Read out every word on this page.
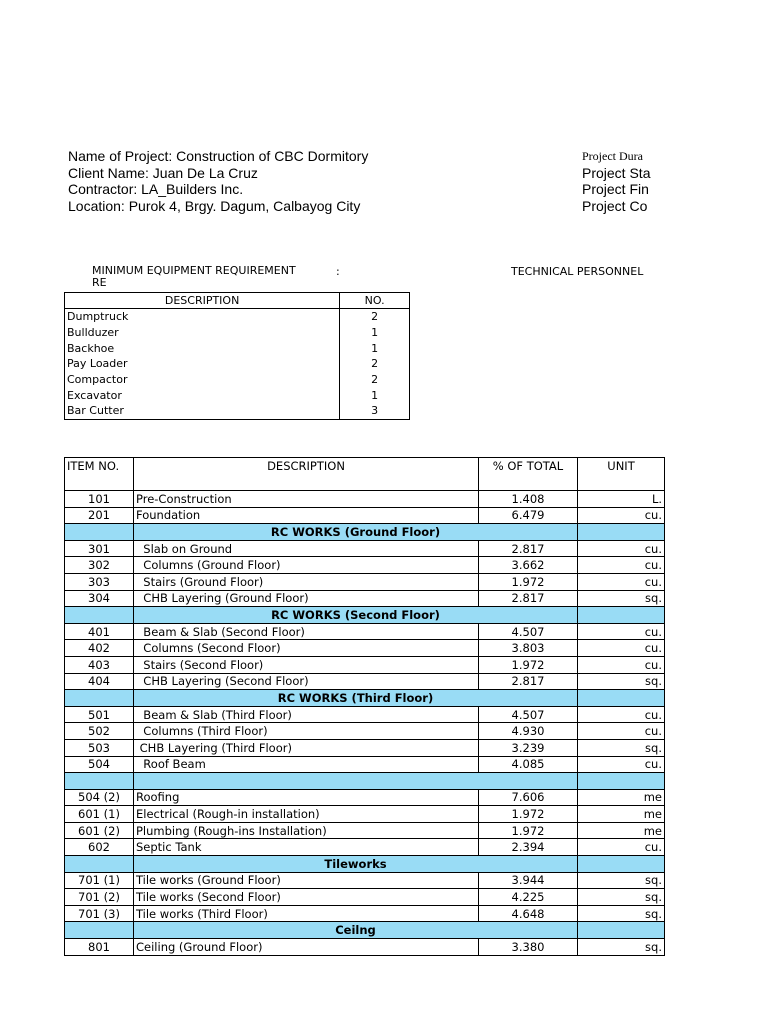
Name of Project: Construction of CBC Dormitory
Client Name: Juan De La Cruz
Contractor: LA_Builders Inc.
Location: Purok 4, Brgy. Dagum, Calbayog City
Project Dura
Project Sta
Project Fin
Project Co
MINIMUM EQUIPMENT REQUIREMENT RE
:	TECHNICAL PERSONNEL
DESCRIPTION	NO.
Dumptruck	2
Bullduzer	1
Backhoe	1
Pay Loader	2
Compactor	2
Excavator	1
Bar Cutter	3
ITEM NO.	DESCRIPTION	% OF TOTAL	UNIT
101	Pre-Construction	1.408	L.
201	Foundation	6.479	cu.
	RC WORKS (Ground Floor)		
301	Slab on Ground	2.817	cu.
302	Columns (Ground Floor)	3.662	cu.
303	Stairs (Ground Floor)	1.972	cu.
304	CHB Layering (Ground Floor)	2.817	sq.
	RC WORKS (Second Floor)		
401	Beam & Slab (Second Floor)	4.507	cu.
402	Columns (Second Floor)	3.803	cu.
403	Stairs (Second Floor)	1.972	cu.
404	CHB Layering (Second Floor)	2.817	sq.
	RC WORKS (Third Floor)		
501	Beam & Slab (Third Floor)	4.507	cu.
502	Columns (Third Floor)	4.930	cu.
503	CHB Layering (Third Floor)	3.239	sq.
504	Roof Beam	4.085	cu.

504 (2)	Roofing	7.606	me
601 (1)	Electrical (Rough-in installation)	1.972	me
601 (2)	Plumbing (Rough-ins Installation)	1.972	me
602	Septic Tank	2.394	cu.
	Tileworks		
701 (1)	Tile works (Ground Floor)	3.944	sq.
701 (2)	Tile works (Second Floor)	4.225	sq.
701 (3)	Tile works (Third Floor)	4.648	sq.
	Ceilng		
801	Ceiling (Ground Floor)	3.380	sq.
